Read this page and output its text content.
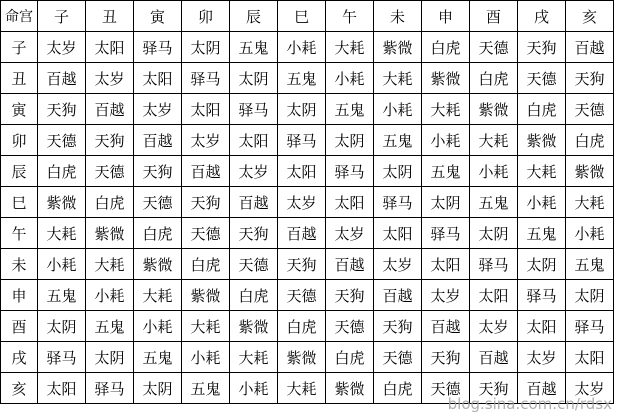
命宫	子	丑	寅	卯	辰	巳	午	未	申	酉	戌	亥
子	太岁	太阳	驿马	太阴	五鬼	小耗	大耗	紫微	白虎	天德	天狗	百越
丑	百越	太岁	太阳	驿马	太阴	五鬼	小耗	大耗	紫微	白虎	天德	天狗
寅	天狗	百越	太岁	太阳	驿马	太阴	五鬼	小耗	大耗	紫微	白虎	天德
卯	天德	天狗	百越	太岁	太阳	驿马	太阴	五鬼	小耗	大耗	紫微	白虎
辰	白虎	天德	天狗	百越	太岁	太阳	驿马	太阴	五鬼	小耗	大耗	紫微
巳	紫微	白虎	天德	天狗	百越	太岁	太阳	驿马	太阴	五鬼	小耗	大耗
午	大耗	紫微	白虎	天德	天狗	百越	太岁	太阳	驿马	太阴	五鬼	小耗
未	小耗	大耗	紫微	白虎	天德	天狗	百越	太岁	太阳	驿马	太阴	五鬼
申	五鬼	小耗	大耗	紫微	白虎	天德	天狗	百越	太岁	太阳	驿马	太阴
酉	太阴	五鬼	小耗	大耗	紫微	白虎	天德	天狗	百越	太岁	太阳	驿马
戌	驿马	太阴	五鬼	小耗	大耗	紫微	白虎	天德	天狗	百越	太岁	太阳
亥	太阳	驿马	太阴	五鬼	小耗	大耗	紫微	白虎	天德	天狗	百越	太岁
blog.sina.com.cn/rdsx
